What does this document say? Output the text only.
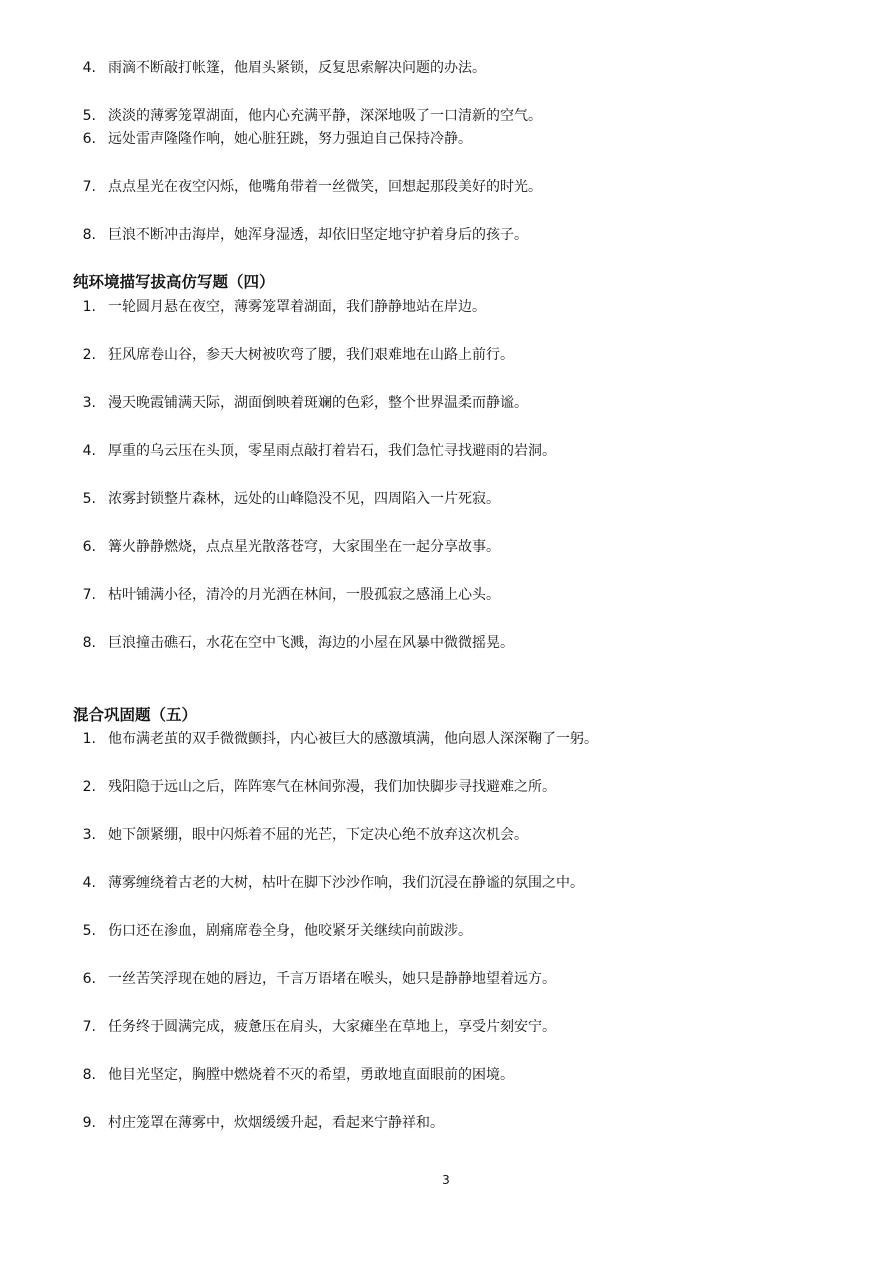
4. 雨滴不断敲打帐篷，他眉头紧锁，反复思索解决问题的办法。
5. 淡淡的薄雾笼罩湖面，他内心充满平静，深深地吸了一口清新的空气。
6. 远处雷声隆隆作响，她心脏狂跳，努力强迫自己保持冷静。
7. 点点星光在夜空闪烁，他嘴角带着一丝微笑，回想起那段美好的时光。
8. 巨浪不断冲击海岸，她浑身湿透，却依旧坚定地守护着身后的孩子。
纯环境描写拔高仿写题（四）
1. 一轮圆月悬在夜空，薄雾笼罩着湖面，我们静静地站在岸边。
2. 狂风席卷山谷，参天大树被吹弯了腰，我们艰难地在山路上前行。
3. 漫天晚霞铺满天际，湖面倒映着斑斓的色彩，整个世界温柔而静谧。
4. 厚重的乌云压在头顶，零星雨点敲打着岩石，我们急忙寻找避雨的岩洞。
5. 浓雾封锁整片森林，远处的山峰隐没不见，四周陷入一片死寂。
6. 篝火静静燃烧，点点星光散落苍穹，大家围坐在一起分享故事。
7. 枯叶铺满小径，清冷的月光洒在林间，一股孤寂之感涌上心头。
8. 巨浪撞击礁石，水花在空中飞溅，海边的小屋在风暴中微微摇晃。
混合巩固题（五）
1. 他布满老茧的双手微微颤抖，内心被巨大的感激填满，他向恩人深深鞠了一躬。
2. 残阳隐于远山之后，阵阵寒气在林间弥漫，我们加快脚步寻找避难之所。
3. 她下颌紧绷，眼中闪烁着不屈的光芒，下定决心绝不放弃这次机会。
4. 薄雾缠绕着古老的大树，枯叶在脚下沙沙作响，我们沉浸在静谧的氛围之中。
5. 伤口还在渗血，剧痛席卷全身，他咬紧牙关继续向前跋涉。
6. 一丝苦笑浮现在她的唇边，千言万语堵在喉头，她只是静静地望着远方。
7. 任务终于圆满完成，疲惫压在肩头，大家瘫坐在草地上，享受片刻安宁。
8. 他目光坚定，胸膛中燃烧着不灭的希望，勇敢地直面眼前的困境。
9. 村庄笼罩在薄雾中，炊烟缓缓升起，看起来宁静祥和。
3
